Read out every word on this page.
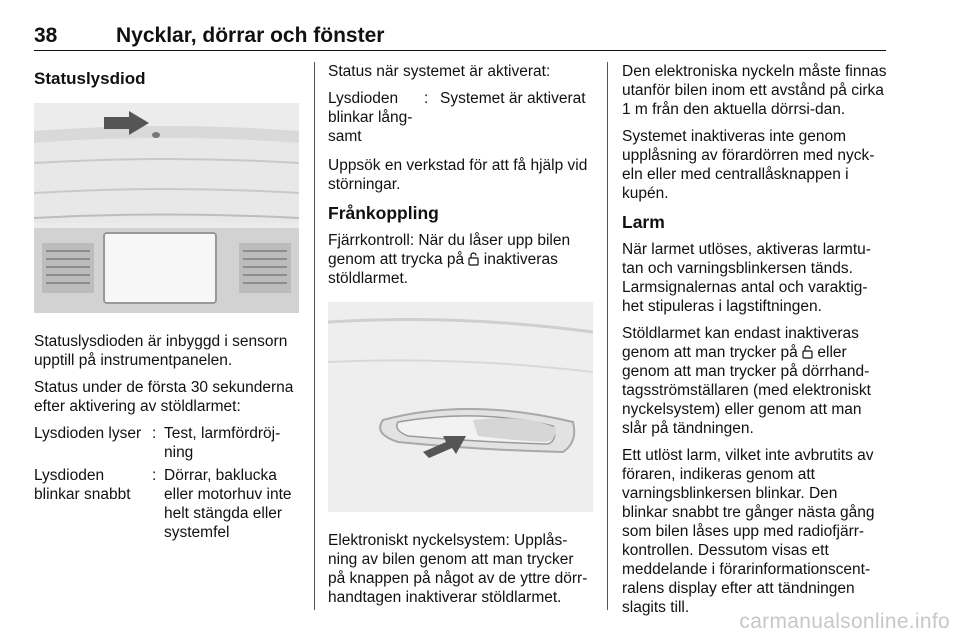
38	Nycklar, dörrar och fönster
Statuslysdiod

Statuslysdioden är inbyggd i sensorn upptill på instrumentpanelen.

Status under de första 30 sekunderna efter aktivering av stöldlarmet:

Lysdioden lyser : Test, larmfördröj-ning
Lysdioden blinkar snabbt
: Dörrar, baklucka eller motorhuv inte helt stängda eller systemfel

Status när systemet är aktiverat:

Lysdioden blinkar lång-samt
: Systemet är aktiverat

Uppsök en verkstad för att få hjälp vid störningar.

Frånkoppling

Fjärrkontroll: När du låser upp bilen genom att trycka på inaktiveras stöldlarmet.

Elektroniskt nyckelsystem: Upplås-ning av bilen genom att man trycker på knappen på något av de yttre dörr-handtagen inaktiverar stöldlarmet.

Den elektroniska nyckeln måste finnas utanför bilen inom ett avstånd på cirka 1 m från den aktuella dörrsi-dan.

Systemet inaktiveras inte genom upplåsning av förardörren med nyck-eln eller med centrallåsknappen i kupén.

Larm

När larmet utlöses, aktiveras larmtu-tan och varningsblinkersen tänds. Larmsignalernas antal och varaktig-het stipuleras i lagstiftningen.

Stöldlarmet kan endast inaktiveras genom att man trycker på eller genom att man trycker på dörrhand-tagsströmställaren (med elektroniskt nyckelsystem) eller genom att man slår på tändningen.

Ett utlöst larm, vilket inte avbrutits av föraren, indikeras genom att varningsblinkersen blinkar. Den blinkar snabbt tre gånger nästa gång som bilen låses upp med radiofjärr-kontrollen. Dessutom visas ett meddelande i förarinformationscent-ralens display efter att tändningen slagits till.

carmanualsonline.info
